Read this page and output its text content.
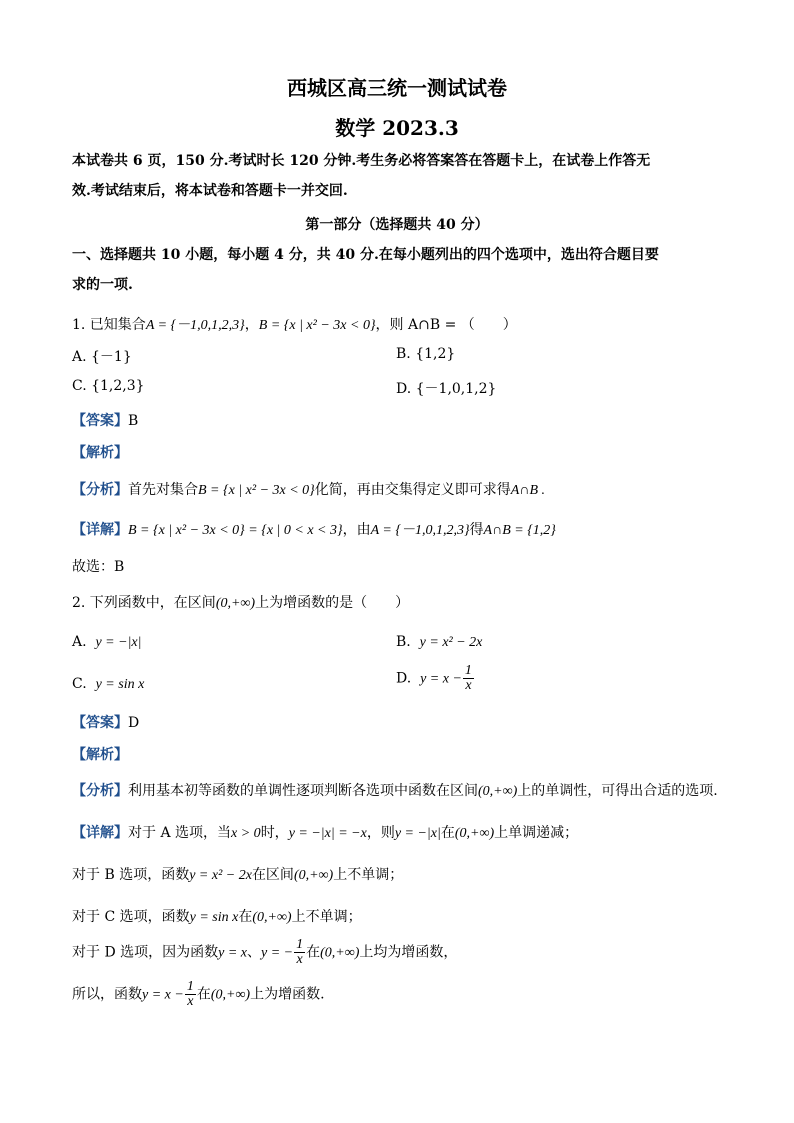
西城区高三统一测试试卷
数学 2023.3
本试卷共 6 页，150 分.考试时长 120 分钟.考生务必将答案答在答题卡上，在试卷上作答无
效.考试结束后，将本试卷和答题卡一并交回.
第一部分（选择题共 40 分）
一、选择题共 10 小题，每小题 4 分，共 40 分.在每小题列出的四个选项中，选出符合题目要
求的一项.
1. 已知集合A = {－1,0,1,2,3}，B = {x | x² − 3x < 0}，则 A∩B = （　　）
A. {－1}	B. {1,2}
C. {1,2,3}	D. {－1,0,1,2}
【答案】B
【解析】
【分析】首先对集合B = {x | x² − 3x < 0}化简，再由交集得定义即可求得A∩B .
【详解】B = {x | x² − 3x < 0} = {x | 0 < x < 3}，由A = {－1,0,1,2,3}得A∩B = {1,2}
故选：B
2. 下列函数中，在区间(0,+∞)上为增函数的是（　　）
A. y = −|x|	B. y = x² − 2x
C. y = sin x	D. $y = x - \frac{1}{x}$
【答案】D
【解析】
【分析】利用基本初等函数的单调性逐项判断各选项中函数在区间(0,+∞)上的单调性，可得出合适的选项.
【详解】对于 A 选项，当x > 0时，y = −|x| = −x，则y = −|x|在(0,+∞)上单调递减；
对于 B 选项，函数y = x² − 2x在区间(0,+∞)上不单调；
对于 C 选项，函数y = sin x在(0,+∞)上不单调；
对于 D 选项，因为函数y = x、y = − $\frac{1}{x}$ 在(0,+∞)上均为增函数，
所以，函数$y = x - \frac{1}{x}$ 在(0,+∞)上为增函数.
